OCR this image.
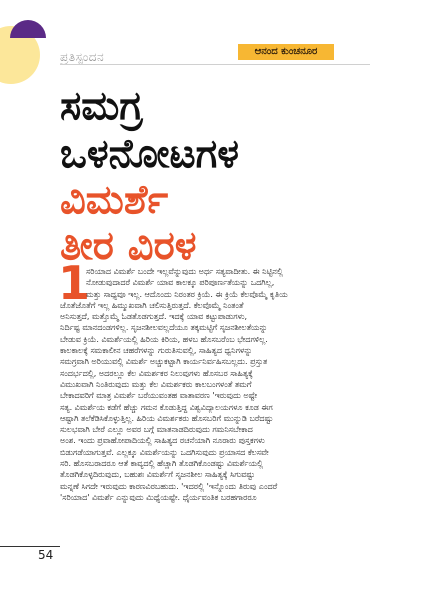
ಪ್ರತಿಸ್ಪಂದನ	ಆನಂದ ಕುಂಚನೂರ
ಸಮಗ್ರ
ಒಳನೋಟಗಳ
ವಿಮರ್ಶೆ
ತೀರ ವಿರಳ
1
ಸರಿಯಾದ ವಿಮರ್ಶೆ ಬಂದೇ ಇಲ್ಲವೆನ್ನುವುದು ಅರ್ಧ ಸತ್ಯವಾದೀತು. ಈ ನಿಟ್ಟಿನಲ್ಲಿ
ನೋಡುವುದಾದರೆ ವಿಮರ್ಶೆ ಯಾವ ಕಾಲಕ್ಕೂ ಪರಿಪೂರ್ಣತೆಯನ್ನು ಒದಗಿಲ್ಲ,
ಮತ್ತು ಸಾಧ್ಯವೂ ಇಲ್ಲ. ಆದೊಂದು ನಿರಂತರ ಕ್ರಿಯೆ. ಈ ಕ್ರಿಯೆ ಕೆಲವೊಮ್ಮೆ ಕೃತಿಯ
ಜೊತೆಜೊತೆಗೆ ಇಲ್ಲ ಹಿಮ್ಮುಖವಾಗಿ ಚಲಿಸುತ್ತಿರುತ್ತದೆ. ಕೆಲವೊಮ್ಮೆ ನಿಂತಂತೆ
ಅನಿಸುತ್ತದೆ, ಮತ್ತೊಮ್ಮೆ ಓಡತೊಡಗುತ್ತದೆ. ಇದಕ್ಕೆ ಯಾವ ಕಟ್ಟುಪಾಡುಗಳು,
ನಿರ್ದಿಷ್ಟ ಮಾನದಂಡಗಳಿಲ್ಲ. ಸೃಜನಶೀಲವಲ್ಲದೆಯೂ ತಕ್ಕಮಟ್ಟಿಗೆ ಸೃಜನಶೀಲತೆಯನ್ನು
ಬೇಡುವ ಕ್ರಿಯೆ. ವಿಮರ್ಶೆಯಲ್ಲಿ ಹಿರಿಯ ಕಿರಿಯ, ಹಳಬ ಹೊಸಬರೆಂಬ ಭೇದಗಳಿಲ್ಲ.
ಕಾಲಕಾಲಕ್ಕೆ ಸಮಕಾಲೀನ ಚಹರೆಗಳನ್ನು ಗುರುತಿಸುವಲ್ಲಿ, ಸಾಹಿತ್ಯದ ಧ್ವನಿಗಳನ್ನು
ಸಮಗ್ರವಾಗಿ ಅರಿಯುವಲ್ಲಿ ವಿಮರ್ಶೆ ಅಚ್ಚುಕಟ್ಟಾಗಿ ಕಾರ್ಯನಿರ್ವಹಿಸಬಲ್ಲದು. ಪ್ರಸ್ತುತ
ಸಂದರ್ಭದಲ್ಲಿ, ಅದರಲ್ಲೂ ಕೆಲ ವಿಮರ್ಶಕರ ನಿಲುವುಗಳು ಹೊಸಬರ ಸಾಹಿತ್ಯಕ್ಕೆ
ವಿಮುಖವಾಗಿ ನಿಂತಿರುವುದು ಮತ್ತು ಕೆಲ ವಿಮರ್ಶಕರು ಕಾಲಬಂಗಳಂತೆ ತಮಗೆ
ಬೇಕಾದವರಿಗೆ ಮಾತ್ರ ವಿಮರ್ಶೆ ಬರೆಯುವಂತಹ ವಾತಾವರಣ 'ಇರುವುದು ಅಷ್ಟೇ
ಸತ್ಯ. ವಿಮರ್ಶೆಯ ಕಡೆಗೆ ಹೆಚ್ಚು ಗಮನ ಕೊಡುತ್ತಿದ್ದ ವಿಶ್ವವಿದ್ಯಾಲಯಗಳೂ ಕೂಡ ಈಗ
ಆಷ್ಟಾಗಿ ತಲೆಕೆಡಿಸಿಕೊಳ್ಳುತ್ತಿಲ್ಲ. ಹಿರಿಯ ವಿಮರ್ಶಕರು ಹೊಸಬರಿಗೆ ಮುನ್ನುಡಿ ಬರೆದಷ್ಟು
ಸುಲಭವಾಗಿ ಬೇರೆ ಎಲ್ಲೂ ಅವರ ಬಗ್ಗೆ ಮಾತನಾಡದಿರುವುದು ಗಮನಿಸಬೇಕಾದ
ಅಂಶ. ಇಂದು ಪ್ರವಾಹೋಪಾದಿಯಲ್ಲಿ ಸಾಹಿತ್ಯದ ರಚನೆಯಾಗಿ ನೂರಾರು ಪುಸ್ತಕಗಳು
ಬಿಡುಗಡೆಯಾಗುತ್ತವೆ. ಎಲ್ಲಕ್ಕೂ ವಿಮರ್ಶೆಯನ್ನು ಒದಗಿಸುವುದು ಪ್ರಯಾಸದ ಕೆಲಸವೇ
ಸರಿ. ಹೊಸಬರಾದರೂ ಆತೆ ಕಾವ್ಯದಲ್ಲಿ ಹೆಚ್ಚಾಗಿ ತೊಡಗಿಕೊಂಡಷ್ಟು ವಿಮರ್ಶೆಯಲ್ಲಿ
ತೊಡಗಿಕೊಳ್ಳದಿರುವುದು, ಬಹುಶಃ ವಿಮರ್ಶೆಗೆ ಸೃಜನಶೀಲ ಸಾಹಿತ್ಯಕ್ಕೆ ಸಿಗುವಷ್ಟು
ಮನ್ನಣೆ ಸಿಗದೇ ಇರುವುದು ಕಾರಣವಿರಬಹುದು. 'ಇದರಲ್ಲಿ 'ಇನ್ನೊಂದು ತಿರುವು ಎಂದರೆ
'ಸರಿಯಾದ' ವಿಮರ್ಶೆ ಎನ್ನುವುದು ಮಿಥ್ಯೆಯಷ್ಟೇ. ಧೈರ್ಯವಂತಿಕ ಬರಹಗಾರರೂ
54
